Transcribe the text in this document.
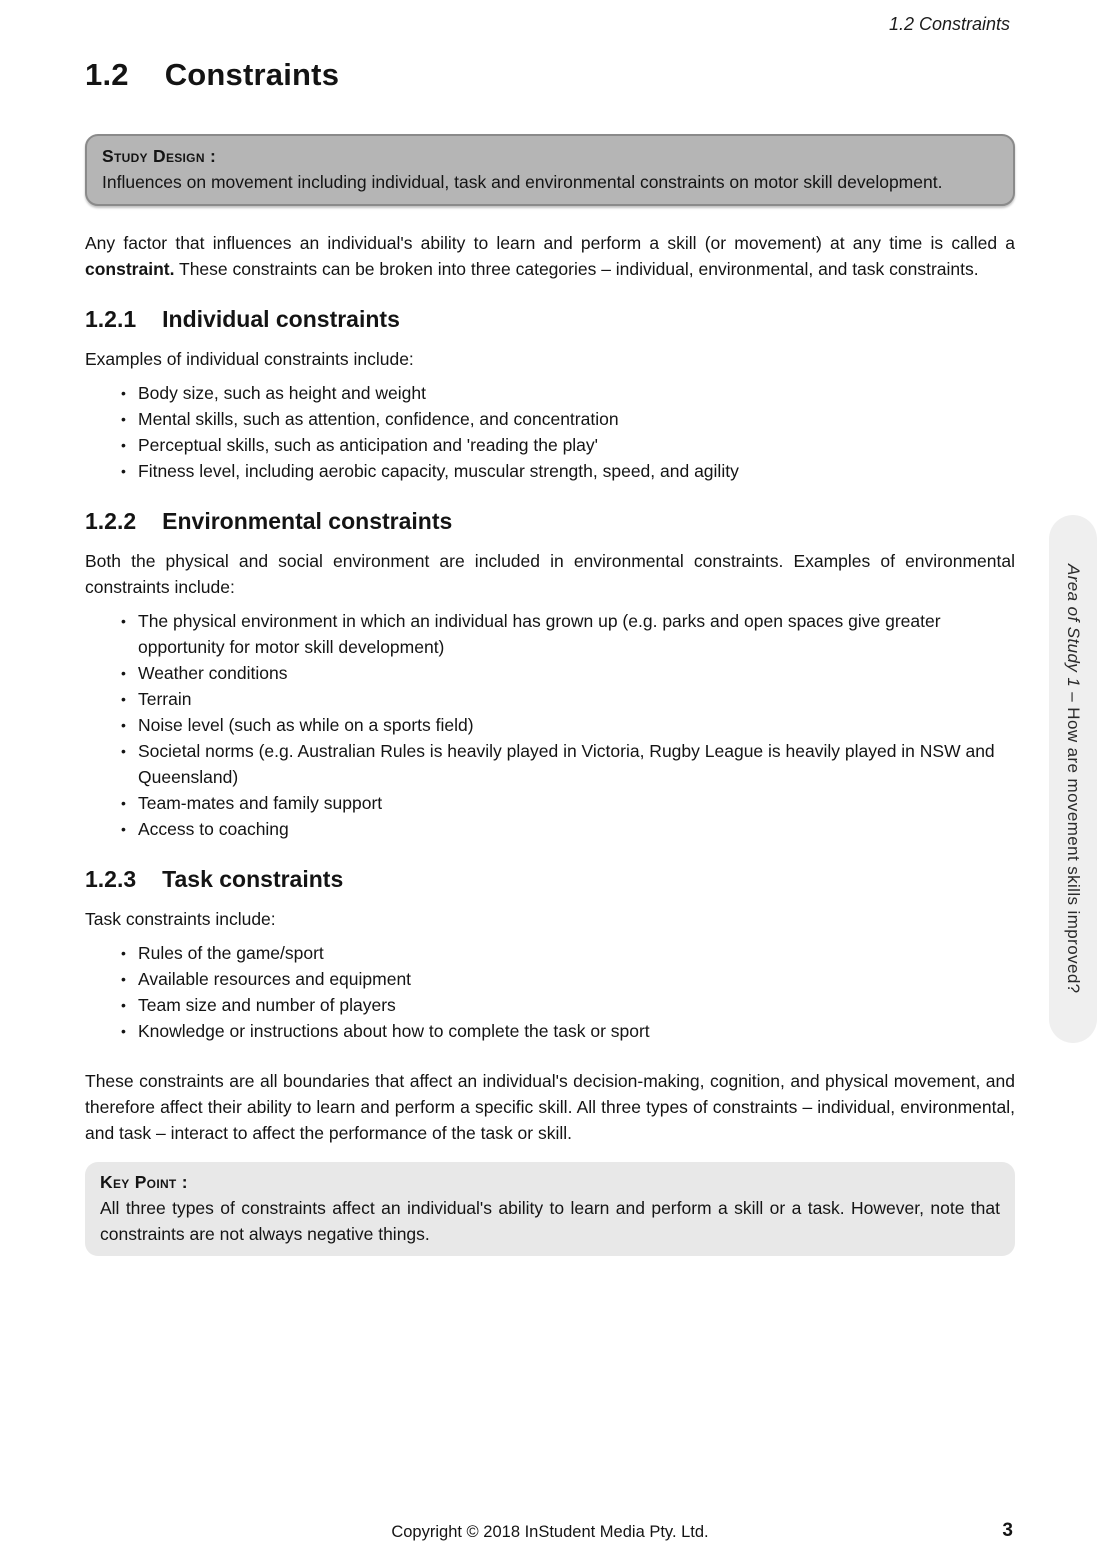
1.2 Constraints
1.2 Constraints
Study Design :
Influences on movement including individual, task and environmental constraints on motor skill development.

Any factor that influences an individual's ability to learn and perform a skill (or movement) at any time is called a constraint. These constraints can be broken into three categories – individual, environmental, and task constraints.

1.2.1 Individual constraints

Examples of individual constraints include:

• Body size, such as height and weight
• Mental skills, such as attention, confidence, and concentration
• Perceptual skills, such as anticipation and 'reading the play'
• Fitness level, including aerobic capacity, muscular strength, speed, and agility
1.2.2 Environmental constraints

Both the physical and social environment are included in environmental constraints. Examples of environmental constraints include:

• The physical environment in which an individual has grown up (e.g. parks and open spaces give greater opportunity for motor skill development)
• Weather conditions
• Terrain
• Noise level (such as while on a sports field)
• Societal norms (e.g. Australian Rules is heavily played in Victoria, Rugby League is heavily played in NSW and Queensland)
• Team-mates and family support
• Access to coaching
1.2.3 Task constraints

Task constraints include:

• Rules of the game/sport
• Available resources and equipment
• Team size and number of players
• Knowledge or instructions about how to complete the task or sport

These constraints are all boundaries that affect an individual's decision-making, cognition, and physical movement, and therefore affect their ability to learn and perform a specific skill. All three types of constraints – individual, environmental, and task – interact to affect the performance of the task or skill.

Key Point :
All three types of constraints affect an individual's ability to learn and perform a skill or a task. However, note that constraints are not always negative things.
Area of Study 1 – How are movement skills improved?
Copyright © 2018 InStudent Media Pty. Ltd.	3
